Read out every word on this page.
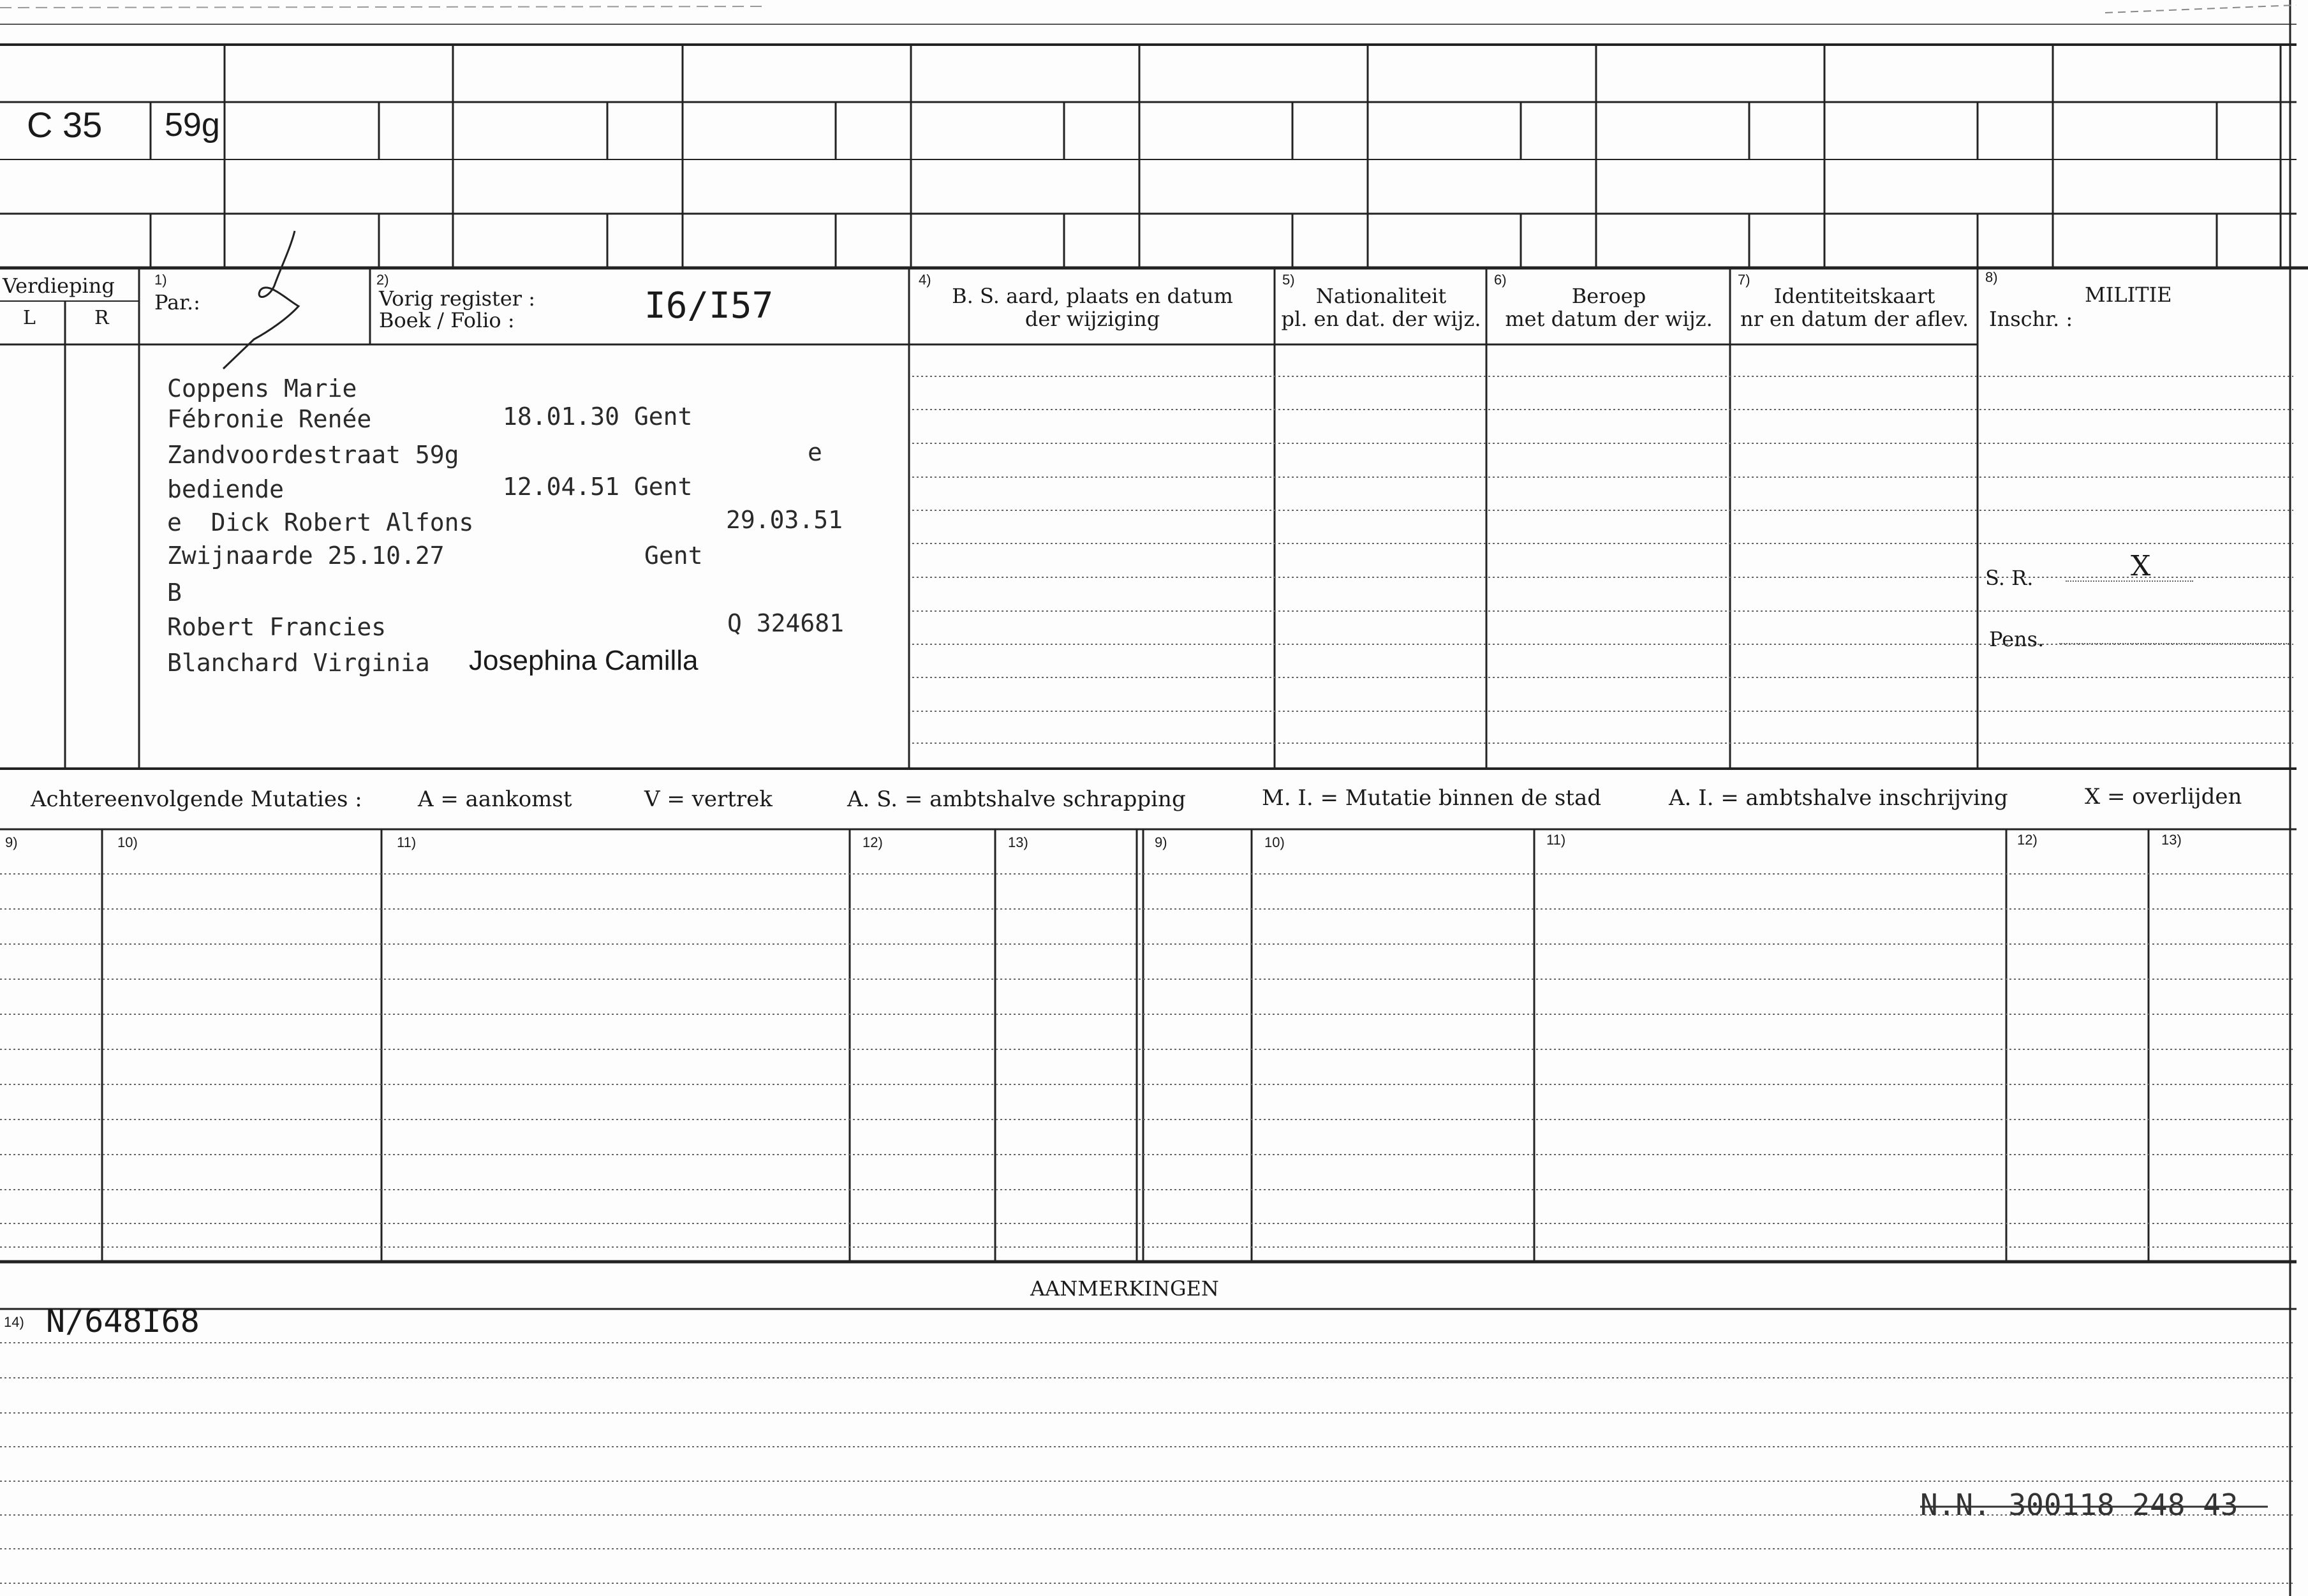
C 35 59g
Verdieping
L	R
1)
Par.:
2)
Vorig register :
Boek / Folio :	I6/I57
4)
B. S. aard, plaats en datum
der wijziging
5)
Nationaliteit
pl. en dat. der wijz.
6)
Beroep
met datum der wijz.
7)
Identiteitskaart
nr en datum der aflev.
8)
MILITIE
Inschr. :
S. R.	X
Pens.
Coppens Marie
Fébronie Renée	18.01.30 Gent
Zandvoordestraat 59g	e
bediende	12.04.51 Gent
e  Dick Robert Alfons	29.03.51
Zwijnaarde 25.10.27	Gent
B
Robert Francies	Q 324681
Blanchard Virginia Josephina Camilla
Achtereenvolgende Mutaties :	A = aankomst	V = vertrek	A. S. = ambtshalve schrapping	M. I. = Mutatie binnen de stad	A. I. = ambtshalve inschrijving	X = overlijden
9)	10)	11)	12)	13)	9)	10)	11)	12)	13)
AANMERKINGEN
14) N/648I68
N.N. 300118 248 43
